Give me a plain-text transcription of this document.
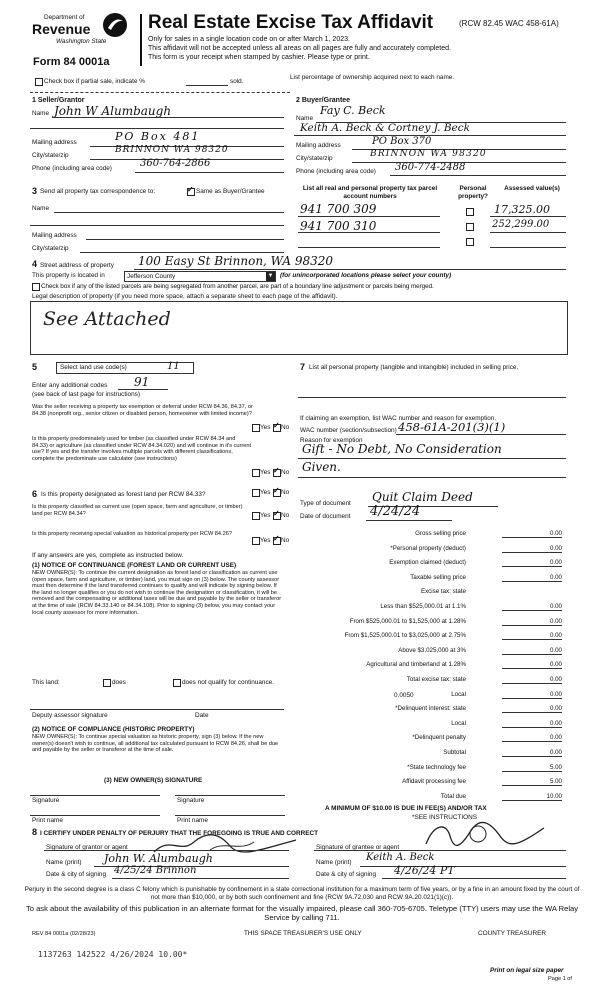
Department of
Revenue
Washington State
Form 84 0001a
Real Estate Excise Tax Affidavit	(RCW 82.45 WAC 458-61A)
Only for sales in a single location code on or after March 1, 2023.
This affidavit will not be accepted unless all areas on all pages are fully and accurately completed.
This form is your receipt when stamped by cashier. Please type or print.
Check box if partial sale, indicate %	sold.
List percentage of ownership acquired next to each name.
1 Seller/Grantor
Name John W Alumbaugh
Mailing address	PO Box 481
City/state/zip
BRINNON WA 98320
Phone (including area code)	360-764-2866
2 Buyer/Grantee
Name
Fay C. Beck
Keith A. Beck & Cortney J. Beck
Mailing address	PO Box 370
City/state/zip	BRINNON WA 98320
Phone (including area code) 360-774-2488
3 Send all property tax correspondence to: ✓	Same as Buyer/Grantee
Name
Mailing address
City/state/zip
List all real and personal property tax parcel account numbers
Personal property?
Assessed value(s)
941 700 309	17,325.00
941 700 310	252,299.00
4 Street address of property 100 Easy St Brinnon, WA 98320
This property is located in	Jefferson County	▼ (for unincorporated locations please select your county)
Check box if any of the listed parcels are being segregated from another parcel, are part of a boundary line adjustment or parcels being merged.
Legal description of property (if you need more space, attach a separate sheet to each page of the affidavit).
See Attached
5	Select land use code(s)	11
Enter any additional codes 91
(see back of last page for instructions)
Was the seller receiving a property tax exemption or deferral under RCW 84.36, 84.37, or 84.38 (nonprofit org., senior citizen or disabled person, homeowner with limited income)?
Yes ✓ No
Is this property predominately used for timber (as classified under RCW 84.34 and 84.33) or agriculture (as classified under RCW 84.34.020) and will continue in it's current use? If yes and the transfer involves multiple parcels with different classifications, complete the predominate use calculator (see instructions)
Yes ✓ No
6 Is this property designated as forest land per RCW 84.33?	Yes ✓ No
Is this property classified as current use (open space, farm and agriculture, or timber) land per RCW 84.34?	Yes ✓ No
Is this property receiving special valuation as historical property per RCW 84.26?
Yes ✓ No
If any answers are yes, complete as instructed below.
(1) NOTICE OF CONTINUANCE (FOREST LAND OR CURRENT USE)
NEW OWNER(S): To continue the current designation as forest land or classification as current use (open space, farm and agriculture, or timber) land, you must sign on (3) below. The county assessor must then determine if the land transferred continues to qualify and will indicate by signing below. If the land no longer qualifies or you do not wish to continue the designation or classification, it will be removed and the compensating or additional taxes will be due and payable by the seller or transferor at the time of sale (RCW 84.33.140 or 84.34.108). Prior to signing (3) below, you may contact your local county assessor for more information.
This land:	does	does not qualify for continuance.
Deputy assessor signature	Date
(2) NOTICE OF COMPLIANCE (HISTORIC PROPERTY)
NEW OWNER(S): To continue special valuation as historic property, sign (3) below. If the new owner(s) doesn't wish to continue, all additional tax calculated pursuant to RCW 84.26, shall be due and payable by the seller or transferor at the time of sale.
(3) NEW OWNER(S) SIGNATURE
Signature	Signature
Print name	Print name
7 List all personal property (tangible and intangible) included in selling price.
If claiming an exemption, list WAC number and reason for exemption.
WAC number (section/subsection) 458-61A-201(3)(1)
Reason for exemption
Gift - No Debt, No Consideration
Given.
Type of document Quit Claim Deed
Date of document 4/24/24
Gross selling price	0.00
*Personal property (deduct)	0.00
Exemption claimed (deduct)	0.00
Taxable selling price	0.00
Excise tax: state
Less than $525,000.01 at 1.1%	0.00
From $525,000.01 to $1,525,000 at 1.28%	0.00
From $1,525,000.01 to $3,025,000 at 2.75%	0.00
Above $3,025,000 at 3%	0.00
Agricultural and timberland at 1.28%	0.00
Total excise tax: state	0.00
Local	0.00
*Delinquent interest: state	0.00
Local	0.00
*Delinquent penalty	0.00
Subtotal	0.00
*State technology fee	5.00
Affidavit processing fee	5.00
Total due	10.00
0.0050
A MINIMUM OF $10.00 IS DUE IN FEE(S) AND/OR TAX
*SEE INSTRUCTIONS
8 I CERTIFY UNDER PENALTY OF PERJURY THAT THE FOREGOING IS TRUE AND CORRECT
Signature of grantor or agent
Name (print) John W. Alumbaugh
Date & city of signing 4/25/24 Brinnon
Signature of grantee or agent
Name (print) Keith A. Beck
Date & city of signing 4/26/24 PT
Perjury in the second degree is a class C felony which is punishable by confinement in a state correctional institution for a maximum term of five years, or by a fine in an amount fixed by the court of not more than $10,000, or by both such confinement and fine (RCW 9A.72.030 and RCW 9A.20.021(1)(c)).
To ask about the availability of this publication in an alternate format for the visually impaired, please call 360-705-6705. Teletype (TTY) users may use the WA Relay Service by calling 711.
REV 84 0001a (02/28/23)	THIS SPACE TREASURER'S USE ONLY	COUNTY TREASURER
1137263 142522 4/26/2024 10.00*
Print on legal size paper
Page 1 of
